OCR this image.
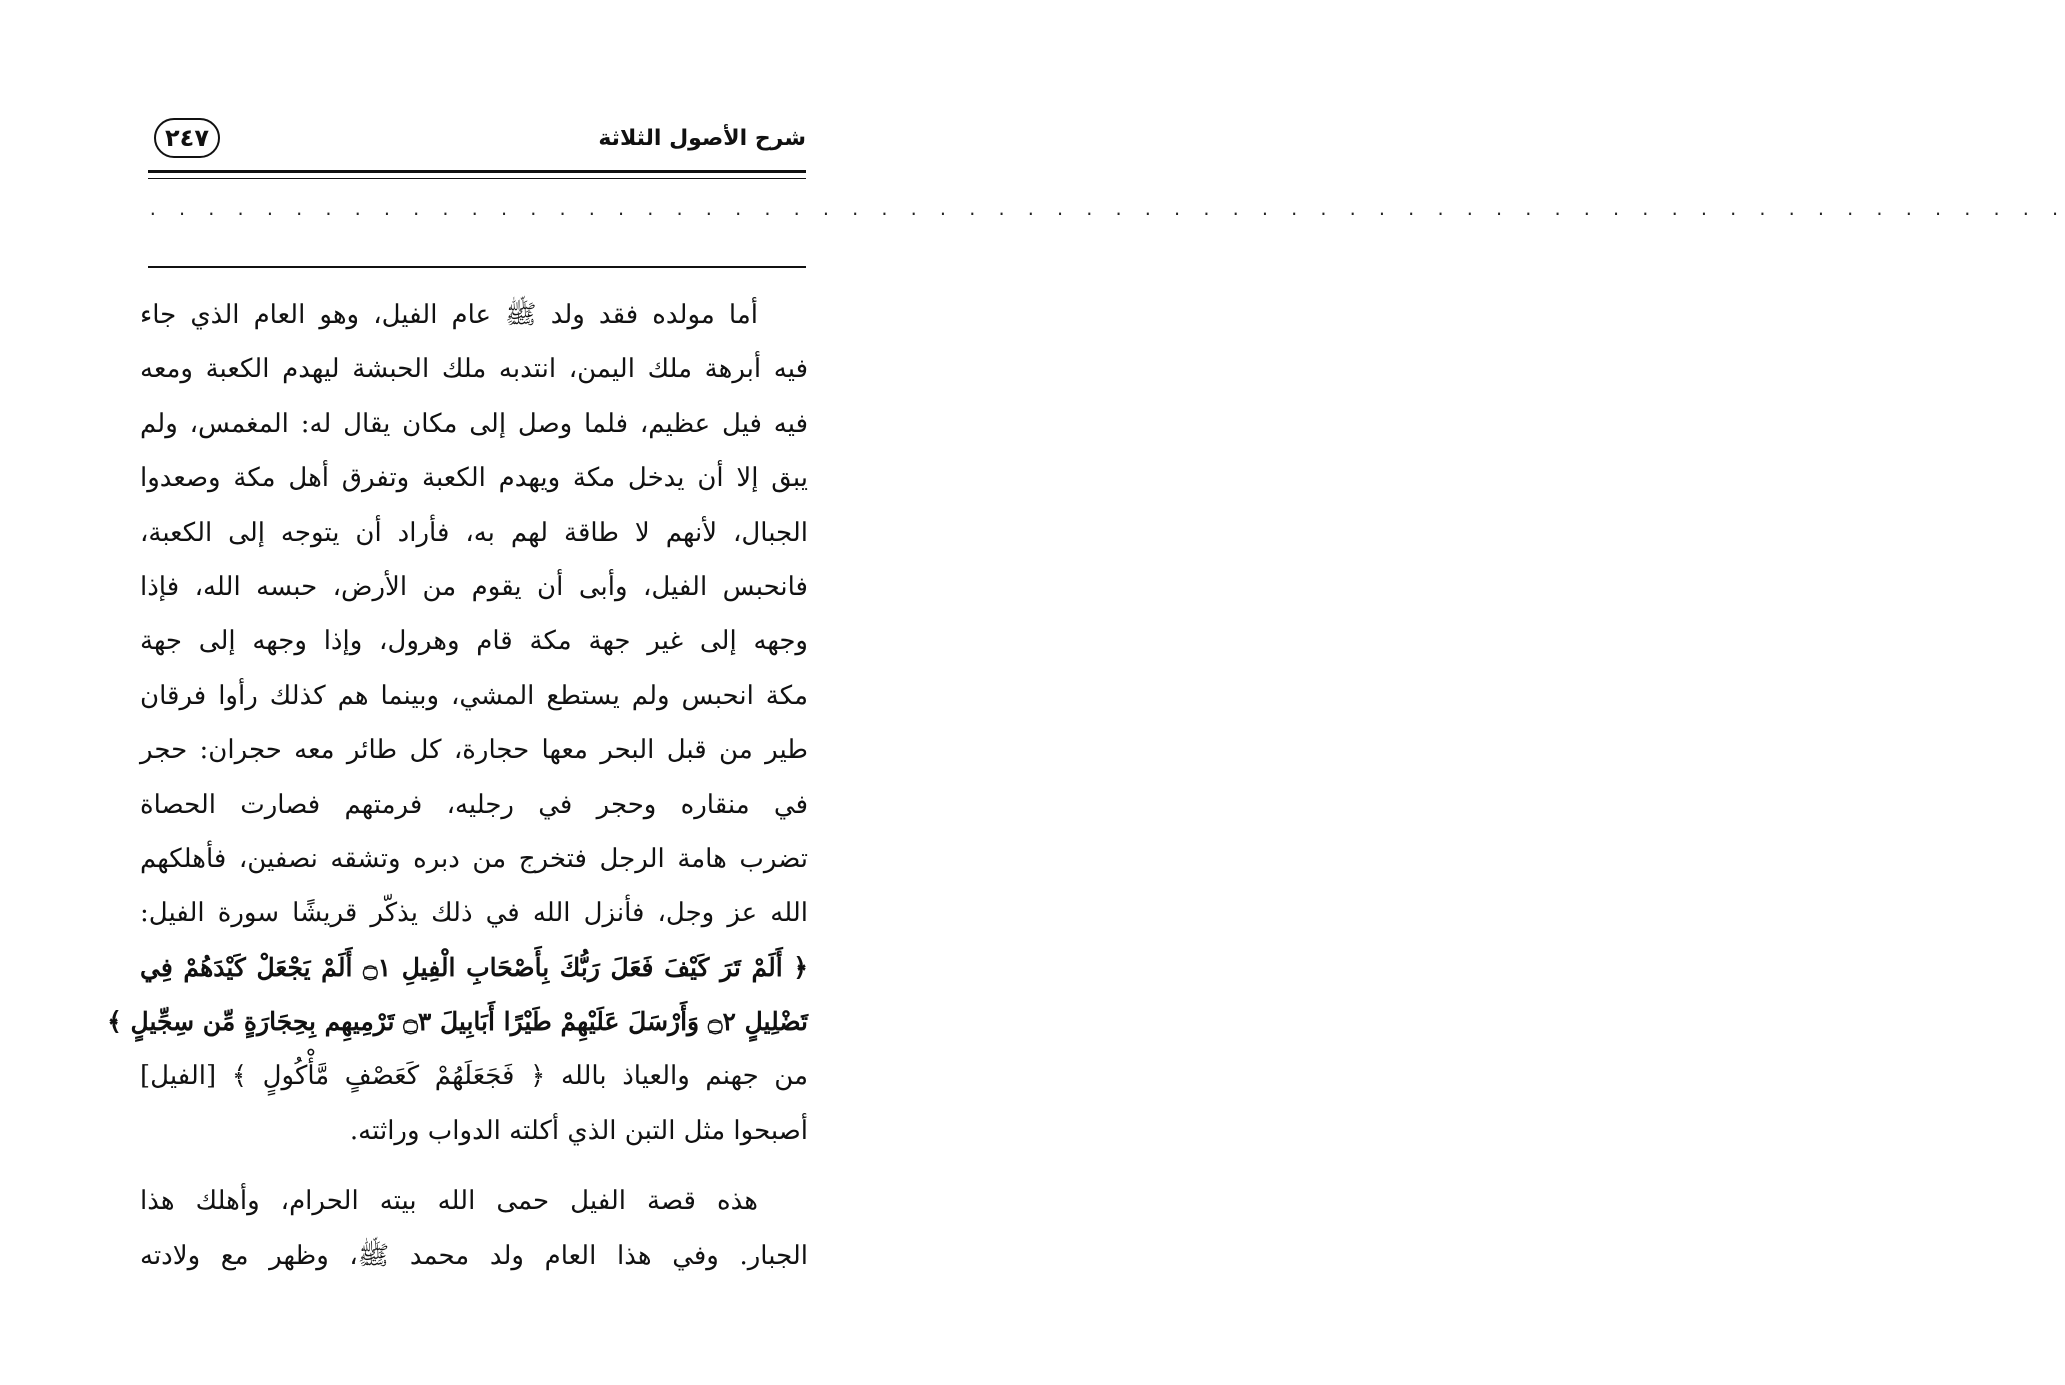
شرح الأصول الثلاثة
٢٤٧
. . . . . . . . . . . . . . . . . . . . . . . . . . . . . . . . . . . . . . . . . . . . . . . . . . . . . . . . . . . . . . . . . .
أما مولده فقد ولد ﷺ عام الفيل، وهو العام الذي جاء
فيه أبرهة ملك اليمن، انتدبه ملك الحبشة ليهدم الكعبة ومعه
فيه فيل عظيم، فلما وصل إلى مكان يقال له: المغمس، ولم
يبق إلا أن يدخل مكة ويهدم الكعبة وتفرق أهل مكة وصعدوا
الجبال، لأنهم لا طاقة لهم به، فأراد أن يتوجه إلى الكعبة،
فانحبس الفيل، وأبى أن يقوم من الأرض، حبسه الله، فإذا
وجهه إلى غير جهة مكة قام وهرول، وإذا وجهه إلى جهة
مكة انحبس ولم يستطع المشي، وبينما هم كذلك رأوا فرقان
طير من قبل البحر معها حجارة، كل طائر معه حجران: حجر
في منقاره وحجر في رجليه، فرمتهم فصارت الحصاة
تضرب هامة الرجل فتخرج من دبره وتشقه نصفين، فأهلكهم
الله عز وجل، فأنزل الله في ذلك يذكّر قريشًا سورة الفيل:
﴿ أَلَمْ تَرَ كَيْفَ فَعَلَ رَبُّكَ بِأَصْحَابِ الْفِيلِ ۝١ أَلَمْ يَجْعَلْ كَيْدَهُمْ فِي
تَضْلِيلٍ ۝٢ وَأَرْسَلَ عَلَيْهِمْ طَيْرًا أَبَابِيلَ ۝٣ تَرْمِيهِم بِحِجَارَةٍ مِّن سِجِّيلٍ ﴾
من جهنم والعياذ بالله ﴿ فَجَعَلَهُمْ كَعَصْفٍ مَّأْكُولٍ ﴾ [الفيل]
أصبحوا مثل التبن الذي أكلته الدواب وراثته.
هذه قصة الفيل حمى الله بيته الحرام، وأهلك هذا
الجبار. وفي هذا العام ولد محمد ﷺ، وظهر مع ولادته
